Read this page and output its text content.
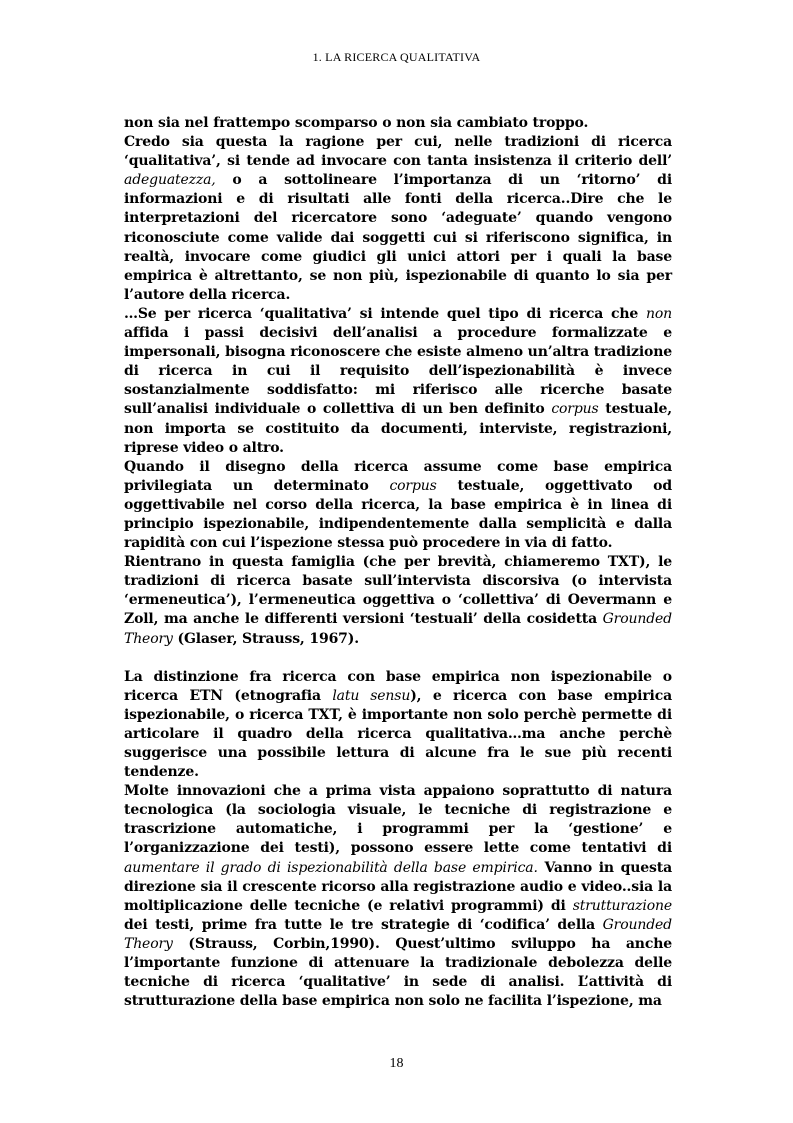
1. LA RICERCA QUALITATIVA

non sia nel frattempo scomparso o non sia cambiato troppo.

Credo sia questa la ragione per cui, nelle tradizioni di ricerca ‘qualitativa’, si tende ad invocare con tanta insistenza il criterio dell’ adeguatezza, o a sottolineare l’importanza di un ‘ritorno’ di informazioni e di risultati alle fonti della ricerca..Dire che le interpretazioni del ricercatore sono ‘adeguate’ quando vengono riconosciute come valide dai soggetti cui si riferiscono significa, in realtà, invocare come giudici gli unici attori per i quali la base empirica è altrettanto, se non più, ispezionabile di quanto lo sia per l’autore della ricerca.

…Se per ricerca ‘qualitativa’ si intende quel tipo di ricerca che non affida i passi decisivi dell’analisi a procedure formalizzate e impersonali, bisogna riconoscere che esiste almeno un’altra tradizione di ricerca in cui il requisito dell’ispezionabilità è invece sostanzialmente soddisfatto: mi riferisco alle ricerche basate sull’analisi individuale o collettiva di un ben definito corpus testuale, non importa se costituito da documenti, interviste, registrazioni, riprese video o altro.

Quando il disegno della ricerca assume come base empirica privilegiata un determinato corpus testuale, oggettivato od oggettivabile nel corso della ricerca, la base empirica è in linea di principio ispezionabile, indipendentemente dalla semplicità e dalla rapidità con cui l’ispezione stessa può procedere in via di fatto.

Rientrano in questa famiglia (che per brevità, chiameremo TXT), le tradizioni di ricerca basate sull’intervista discorsiva (o intervista ‘ermeneutica’), l’ermeneutica oggettiva o ‘collettiva’ di Oevermann e Zoll, ma anche le differenti versioni ‘testuali’ della cosidetta Grounded Theory (Glaser, Strauss, 1967).

La distinzione fra ricerca con base empirica non ispezionabile o ricerca ETN (etnografia latu sensu), e ricerca con base empirica ispezionabile, o ricerca TXT, è importante non solo perchè permette di articolare il quadro della ricerca qualitativa…ma anche perchè suggerisce una possibile lettura di alcune fra le sue più recenti tendenze.

Molte innovazioni che a prima vista appaiono soprattutto di natura tecnologica (la sociologia visuale, le tecniche di registrazione e trascrizione automatiche, i programmi per la ‘gestione’ e l’organizzazione dei testi), possono essere lette come tentativi di aumentare il grado di ispezionabilità della base empirica. Vanno in questa direzione sia il crescente ricorso alla registrazione audio e video..sia la moltiplicazione delle tecniche (e relativi programmi) di strutturazione dei testi, prime fra tutte le tre strategie di ‘codifica’ della Grounded Theory (Strauss, Corbin,1990). Quest’ultimo sviluppo ha anche l’importante funzione di attenuare la tradizionale debolezza delle tecniche di ricerca ‘qualitative’ in sede di analisi. L’attività di strutturazione della base empirica non solo ne facilita l’ispezione, ma

18
